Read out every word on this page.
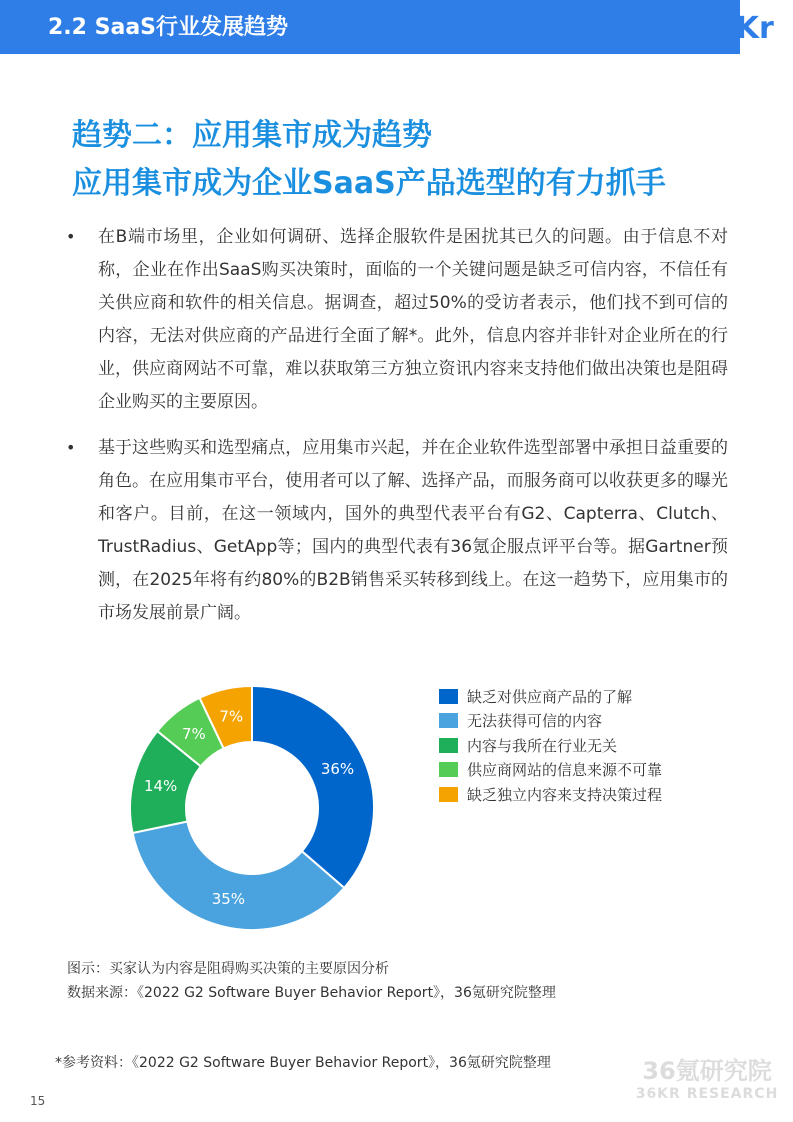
2.2 SaaS行业发展趋势	36Kr
趋势二：应用集市成为趋势
应用集市成为企业SaaS产品选型的有力抓手
• 在B端市场里，企业如何调研、选择企服软件是困扰其已久的问题。由于信息不对称，企业在作出SaaS购买决策时，面临的一个关键问题是缺乏可信内容，不信任有关供应商和软件的相关信息。据调查，超过50%的受访者表示，他们找不到可信的内容，无法对供应商的产品进行全面了解*。此外，信息内容并非针对企业所在的行业，供应商网站不可靠，难以获取第三方独立资讯内容来支持他们做出决策也是阻碍企业购买的主要原因。
• 基于这些购买和选型痛点，应用集市兴起，并在企业软件选型部署中承担日益重要的角色。在应用集市平台，使用者可以了解、选择产品，而服务商可以收获更多的曝光和客户。目前，在这一领域内，国外的典型代表平台有G2、Capterra、Clutch、TrustRadius、GetApp等；国内的典型代表有36氪企服点评平台等。据Gartner预测，在2025年将有约80%的B2B销售采买转移到线上。在这一趋势下，应用集市的市场发展前景广阔。
36%
35%
14%
7%
7%
缺乏对供应商产品的了解
无法获得可信的内容
内容与我所在行业无关
供应商网站的信息来源不可靠
缺乏独立内容来支持决策过程
图示：买家认为内容是阻碍购买决策的主要原因分析
数据来源：《2022 G2 Software Buyer Behavior Report》，36氪研究院整理
*参考资料：《2022 G2 Software Buyer Behavior Report》，36氪研究院整理	36氪研究院
36KR RESEARCH
15
